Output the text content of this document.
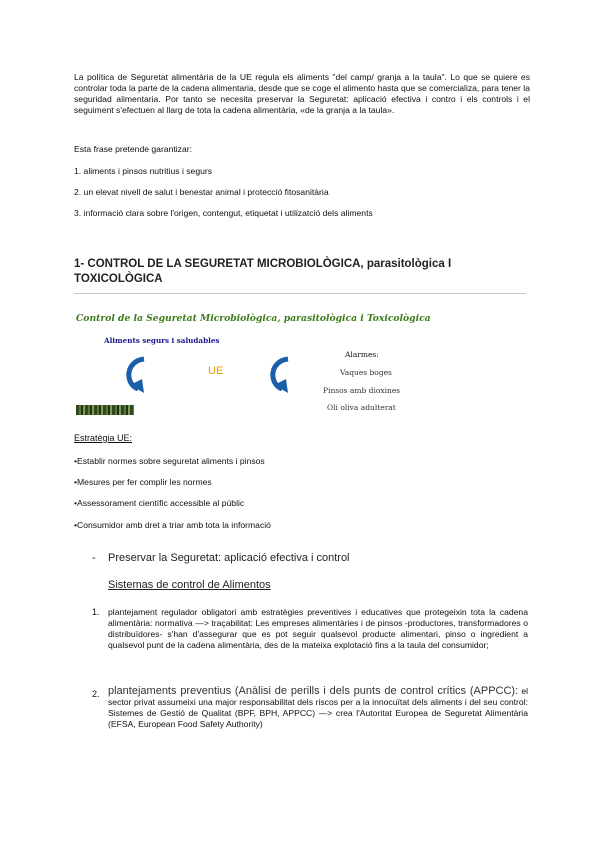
La política de Seguretat alimentària de la UE regula els aliments "del camp/ granja a la taula". Lo que se quiere es controlar toda la parte de la cadena alimentaria, desde que se coge el alimento hasta que se comercializa, para tener la seguridad alimentaria. Por tanto se necesita preservar la Seguretat: aplicació efectiva i contro i els controls i el seguiment s'efectuen al llarg de tota la cadena alimentària, «de la granja a la taula».

Esta frase pretende garantizar:

1. aliments i pinsos nutritius i segurs

2. un elevat nivell de salut i benestar animal i protecció fitosanitària

3. informació clara sobre l'origen, contengut, etiquetat i utilizatció dels aliments

1- CONTROL DE LA SEGURETAT MICROBIOLÒGICA, parasitològica I TOXICOLÒGICA
Control de la Seguretat Microbiològica, parasitològica i Toxicològica
Aliments segurs i saludables
UE
Alarmes:
Vaques boges
Pinsos amb dioxines
Oli oliva adulterat

Estratègia UE:

•Establir normes sobre seguretat aliments i pinsos

•Mesures per fer complir les normes

•Assessorament científic accessible al públic

•Consumidor amb dret a triar amb tota la informació

- Preservar la Seguretat: aplicació efectiva i control

Sistemas de control de Alimentos

1. plantejament regulador obligatori amb estratègies preventives i educatives que protegeixin tota la cadena alimentària: normativa —> traçabilitat: Les empreses alimentàries i de pinsos -productores, transformadores o distribuïdores- s'han d'assegurar que es pot seguir qualsevol producte alimentari, pinso o ingredient a qualsevol punt de la cadena alimentària, des de la mateixa explotació fins a la taula del consumidor;

2. plantejaments preventius (Anàlisi de perills i dels punts de control crítics (APPCC): el sector privat assumeixi una major responsabilitat dels riscos per a la innocuïtat dels aliments i del seu control: Sistemes de Gestió de Qualitat (BPF, BPH, APPCC) —> crea l'Autoritat Europea de Seguretat Alimentària (EFSA, European Food Safety Authority)
